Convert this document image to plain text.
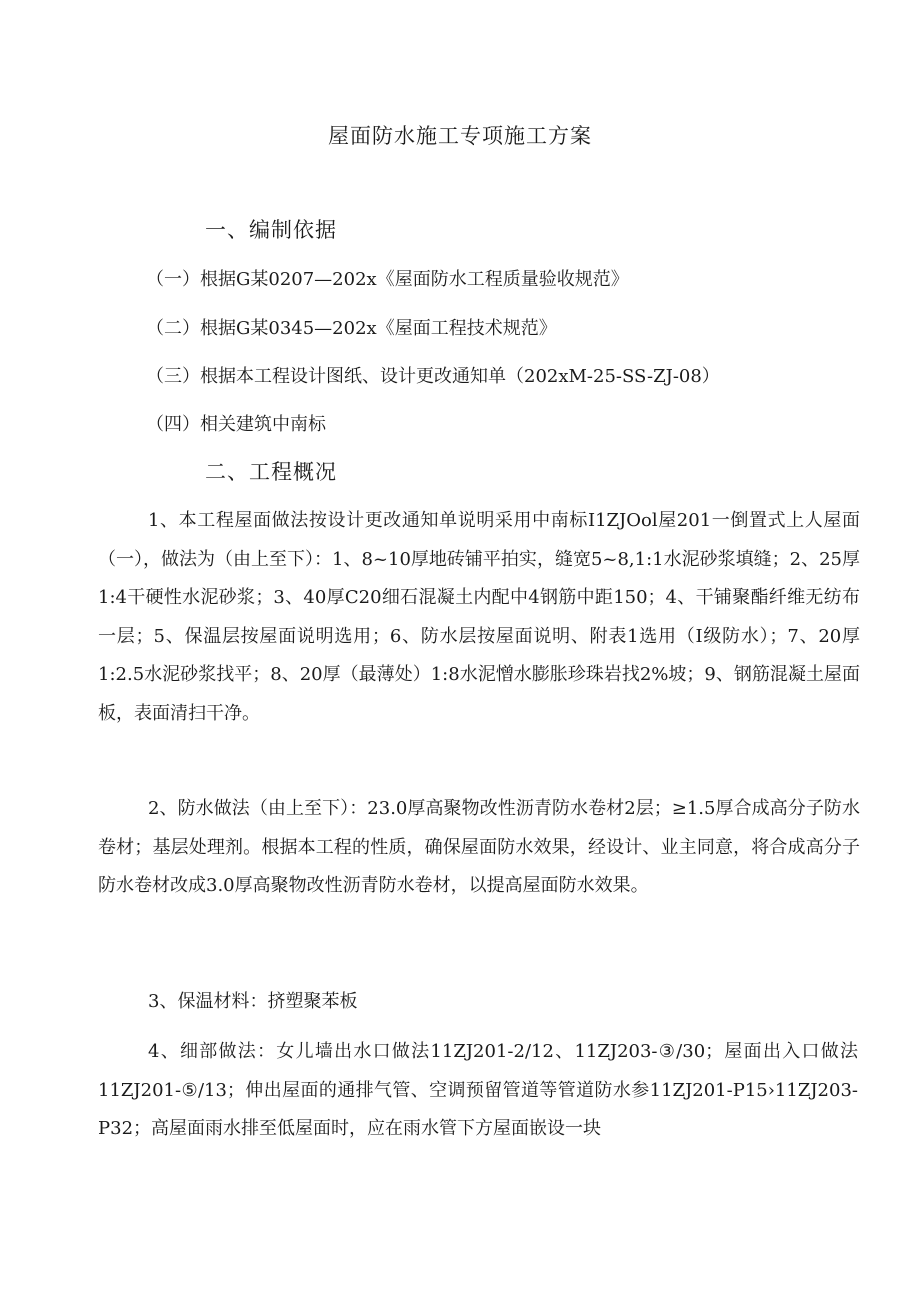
屋面防水施工专项施工方案
一、编制依据
（一）根据G某0207—202x《屋面防水工程质量验收规范》
（二）根据G某0345—202x《屋面工程技术规范》
（三）根据本工程设计图纸、设计更改通知单（202xM-25-SS-ZJ-08）
（四）相关建筑中南标
二、工程概况

1、本工程屋面做法按设计更改通知单说明采用中南标I1ZJOol屋201一倒置式上人屋面（一），做法为（由上至下）：1、8~10厚地砖铺平拍实，缝宽5~8,1:1水泥砂浆填缝；2、25厚1:4干硬性水泥砂浆；3、40厚C20细石混凝土内配中4钢筋中距150；4、干铺聚酯纤维无纺布一层；5、保温层按屋面说明选用；6、防水层按屋面说明、附表1选用（I级防水）；7、20厚1:2.5水泥砂浆找平；8、20厚（最薄处）1:8水泥憎水膨胀珍珠岩找2%坡；9、钢筋混凝土屋面板，表面清扫干净。

2、防水做法（由上至下）：23.0厚高聚物改性沥青防水卷材2层；≥1.5厚合成高分子防水卷材；基层处理剂。根据本工程的性质，确保屋面防水效果，经设计、业主同意，将合成高分子防水卷材改成3.0厚高聚物改性沥青防水卷材，以提高屋面防水效果。

3、保温材料：挤塑聚苯板

4、细部做法：女儿墙出水口做法11ZJ201-2/12、11ZJ203-③/30；屋面出入口做法11ZJ201-⑤/13；伸出屋面的通排气管、空调预留管道等管道防水参11ZJ201-P15›11ZJ203-P32；高屋面雨水排至低屋面时，应在雨水管下方屋面嵌设一块
